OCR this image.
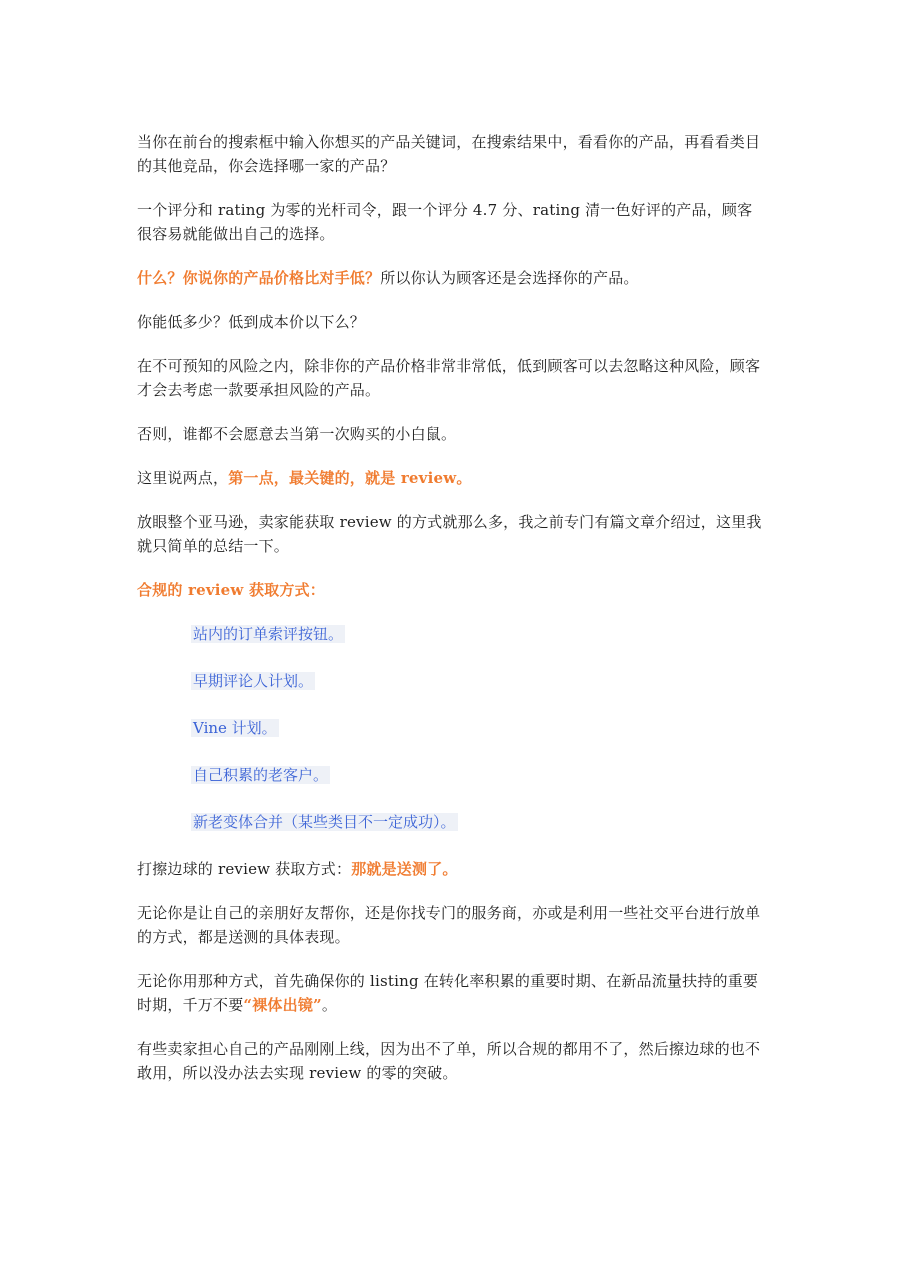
当你在前台的搜索框中输入你想买的产品关键词，在搜索结果中，看看你的产品，再看看类目的其他竞品，你会选择哪一家的产品？

一个评分和 rating 为零的光杆司令，跟一个评分 4.7 分、rating 清一色好评的产品，顾客很容易就能做出自己的选择。

什么？你说你的产品价格比对手低？所以你认为顾客还是会选择你的产品。

你能低多少？低到成本价以下么？

在不可预知的风险之内，除非你的产品价格非常非常低，低到顾客可以去忽略这种风险，顾客才会去考虑一款要承担风险的产品。

否则，谁都不会愿意去当第一次购买的小白鼠。

这里说两点，第一点，最关键的，就是 review。

放眼整个亚马逊，卖家能获取 review 的方式就那么多，我之前专门有篇文章介绍过，这里我就只简单的总结一下。

合规的 review 获取方式：

站内的订单索评按钮。
早期评论人计划。
Vine 计划。
自己积累的老客户。
新老变体合并（某些类目不一定成功）。

打擦边球的 review 获取方式：那就是送测了。

无论你是让自己的亲朋好友帮你，还是你找专门的服务商，亦或是利用一些社交平台进行放单的方式，都是送测的具体表现。

无论你用那种方式，首先确保你的 listing 在转化率积累的重要时期、在新品流量扶持的重要时期，千万不要“裸体出镜”。

有些卖家担心自己的产品刚刚上线，因为出不了单，所以合规的都用不了，然后擦边球的也不敢用，所以没办法去实现 review 的零的突破。
